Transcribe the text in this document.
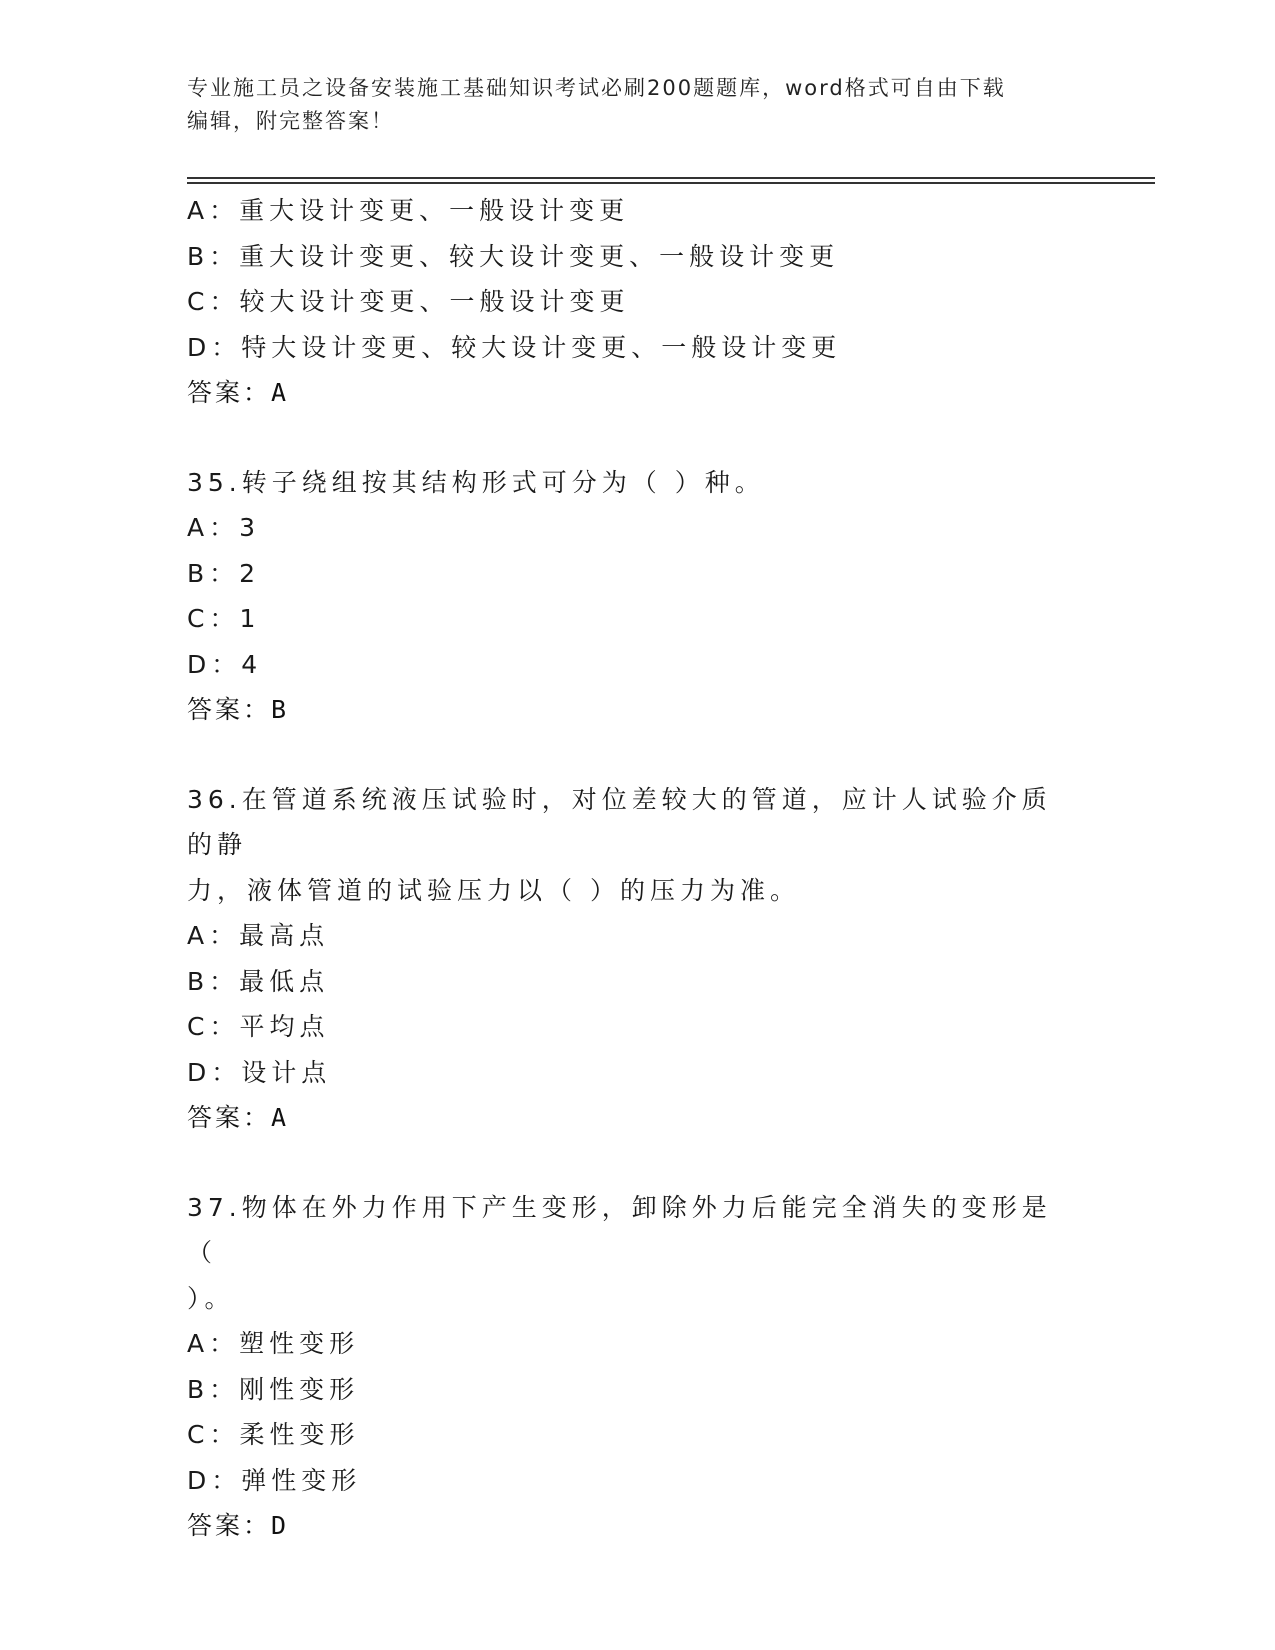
专业施工员之设备安装施工基础知识考试必刷200题题库，word格式可自由下载
编辑，附完整答案！
A：重大设计变更、一般设计变更
B：重大设计变更、较大设计变更、一般设计变更
C：较大设计变更、一般设计变更
D：特大设计变更、较大设计变更、一般设计变更
答案：A
35.转子绕组按其结构形式可分为（ ）种。
A：3
B：2
C：1
D：4
答案：B
36.在管道系统液压试验时，对位差较大的管道，应计人试验介质的静
力，液体管道的试验压力以（ ）的压力为准。
A：最高点
B：最低点
C：平均点
D：设计点
答案：A
37.物体在外力作用下产生变形，卸除外力后能完全消失的变形是（
）。
A：塑性变形
B：刚性变形
C：柔性变形
D：弹性变形
答案：D
